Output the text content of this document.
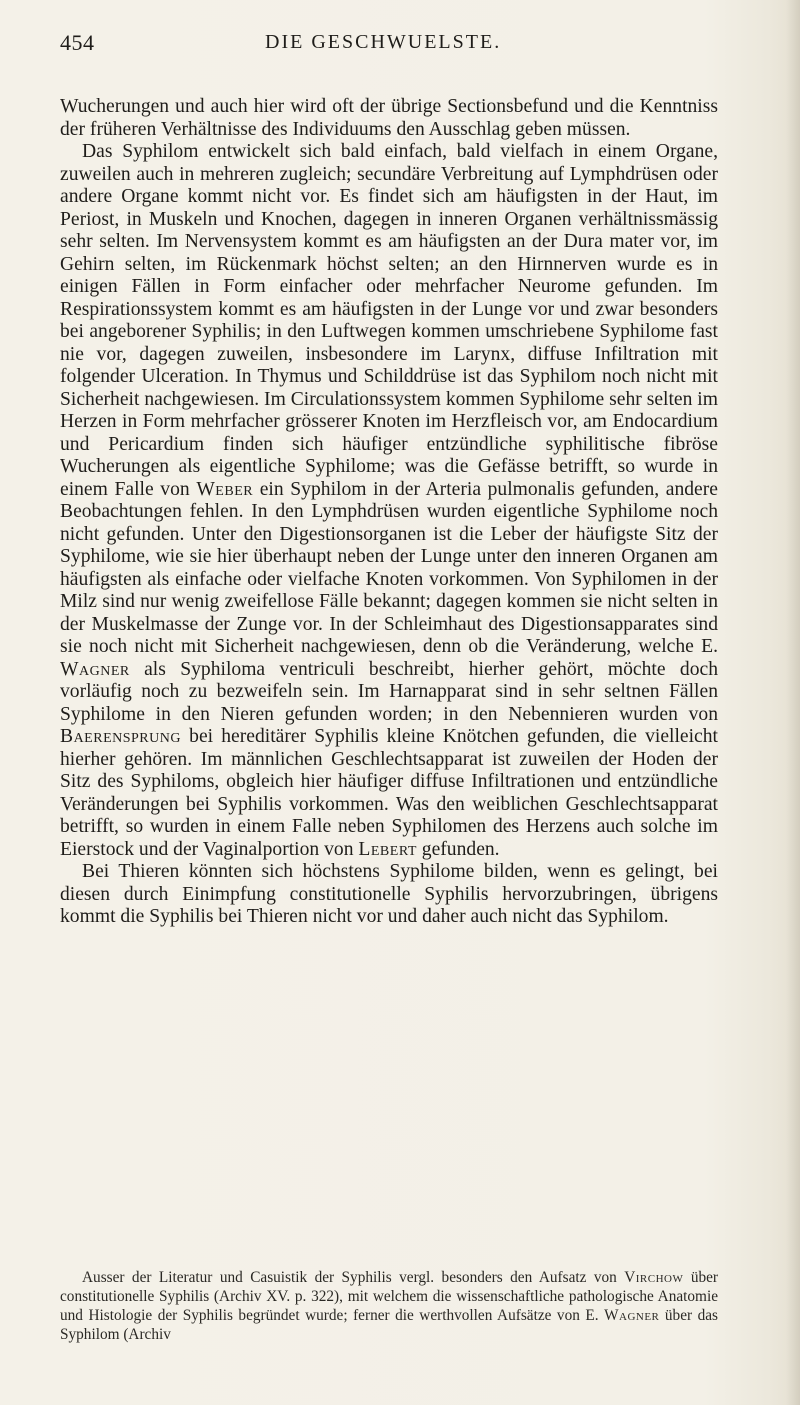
454	DIE GESCHWUELSTE.

Wucherungen und auch hier wird oft der übrige Sectionsbefund und die Kenntniss der früheren Verhältnisse des Individuums den Ausschlag geben müssen.

Das Syphilom entwickelt sich bald einfach, bald vielfach in einem Organe, zuweilen auch in mehreren zugleich; secundäre Verbreitung auf Lymphdrüsen oder andere Organe kommt nicht vor. Es findet sich am häufigsten in der Haut, im Periost, in Muskeln und Knochen, dagegen in inneren Organen verhältnissmässig sehr selten. Im Nervensystem kommt es am häufigsten an der Dura mater vor, im Gehirn selten, im Rückenmark höchst selten; an den Hirnnerven wurde es in einigen Fällen in Form einfacher oder mehrfacher Neurome gefunden. Im Respirationssystem kommt es am häufigsten in der Lunge vor und zwar besonders bei angeborener Syphilis; in den Luftwegen kommen umschriebene Syphilome fast nie vor, dagegen zuweilen, insbesondere im Larynx, diffuse Infiltration mit folgender Ulceration. In Thymus und Schilddrüse ist das Syphilom noch nicht mit Sicherheit nachgewiesen. Im Circulationssystem kommen Syphilome sehr selten im Herzen in Form mehrfacher grösserer Knoten im Herzfleisch vor, am Endocardium und Pericardium finden sich häufiger entzündliche syphilitische fibröse Wucherungen als eigentliche Syphilome; was die Gefässe betrifft, so wurde in einem Falle von Weber ein Syphilom in der Arteria pulmonalis gefunden, andere Beobachtungen fehlen. In den Lymphdrüsen wurden eigentliche Syphilome noch nicht gefunden. Unter den Digestionsorganen ist die Leber der häufigste Sitz der Syphilome, wie sie hier überhaupt neben der Lunge unter den inneren Organen am häufigsten als einfache oder vielfache Knoten vorkommen. Von Syphilomen in der Milz sind nur wenig zweifellose Fälle bekannt; dagegen kommen sie nicht selten in der Muskelmasse der Zunge vor. In der Schleimhaut des Digestionsapparates sind sie noch nicht mit Sicherheit nachgewiesen, denn ob die Veränderung, welche E. Wagner als Syphiloma ventriculi beschreibt, hierher gehört, möchte doch vorläufig noch zu bezweifeln sein. Im Harnapparat sind in sehr seltnen Fällen Syphilome in den Nieren gefunden worden; in den Nebennieren wurden von Baerensprung bei hereditärer Syphilis kleine Knötchen gefunden, die vielleicht hierher gehören. Im männlichen Geschlechtsapparat ist zuweilen der Hoden der Sitz des Syphiloms, obgleich hier häufiger diffuse Infiltrationen und entzündliche Veränderungen bei Syphilis vorkommen. Was den weiblichen Geschlechtsapparat betrifft, so wurden in einem Falle neben Syphilomen des Herzens auch solche im Eierstock und der Vaginalportion von Lebert gefunden.

Bei Thieren könnten sich höchstens Syphilome bilden, wenn es gelingt, bei diesen durch Einimpfung constitutionelle Syphilis hervorzubringen, übrigens kommt die Syphilis bei Thieren nicht vor und daher auch nicht das Syphilom.

Ausser der Literatur und Casuistik der Syphilis vergl. besonders den Aufsatz von Virchow über constitutionelle Syphilis (Archiv XV. p. 322), mit welchem die wissenschaftliche pathologische Anatomie und Histologie der Syphilis begründet wurde; ferner die werthvollen Aufsätze von E. Wagner über das Syphilom (Archiv
